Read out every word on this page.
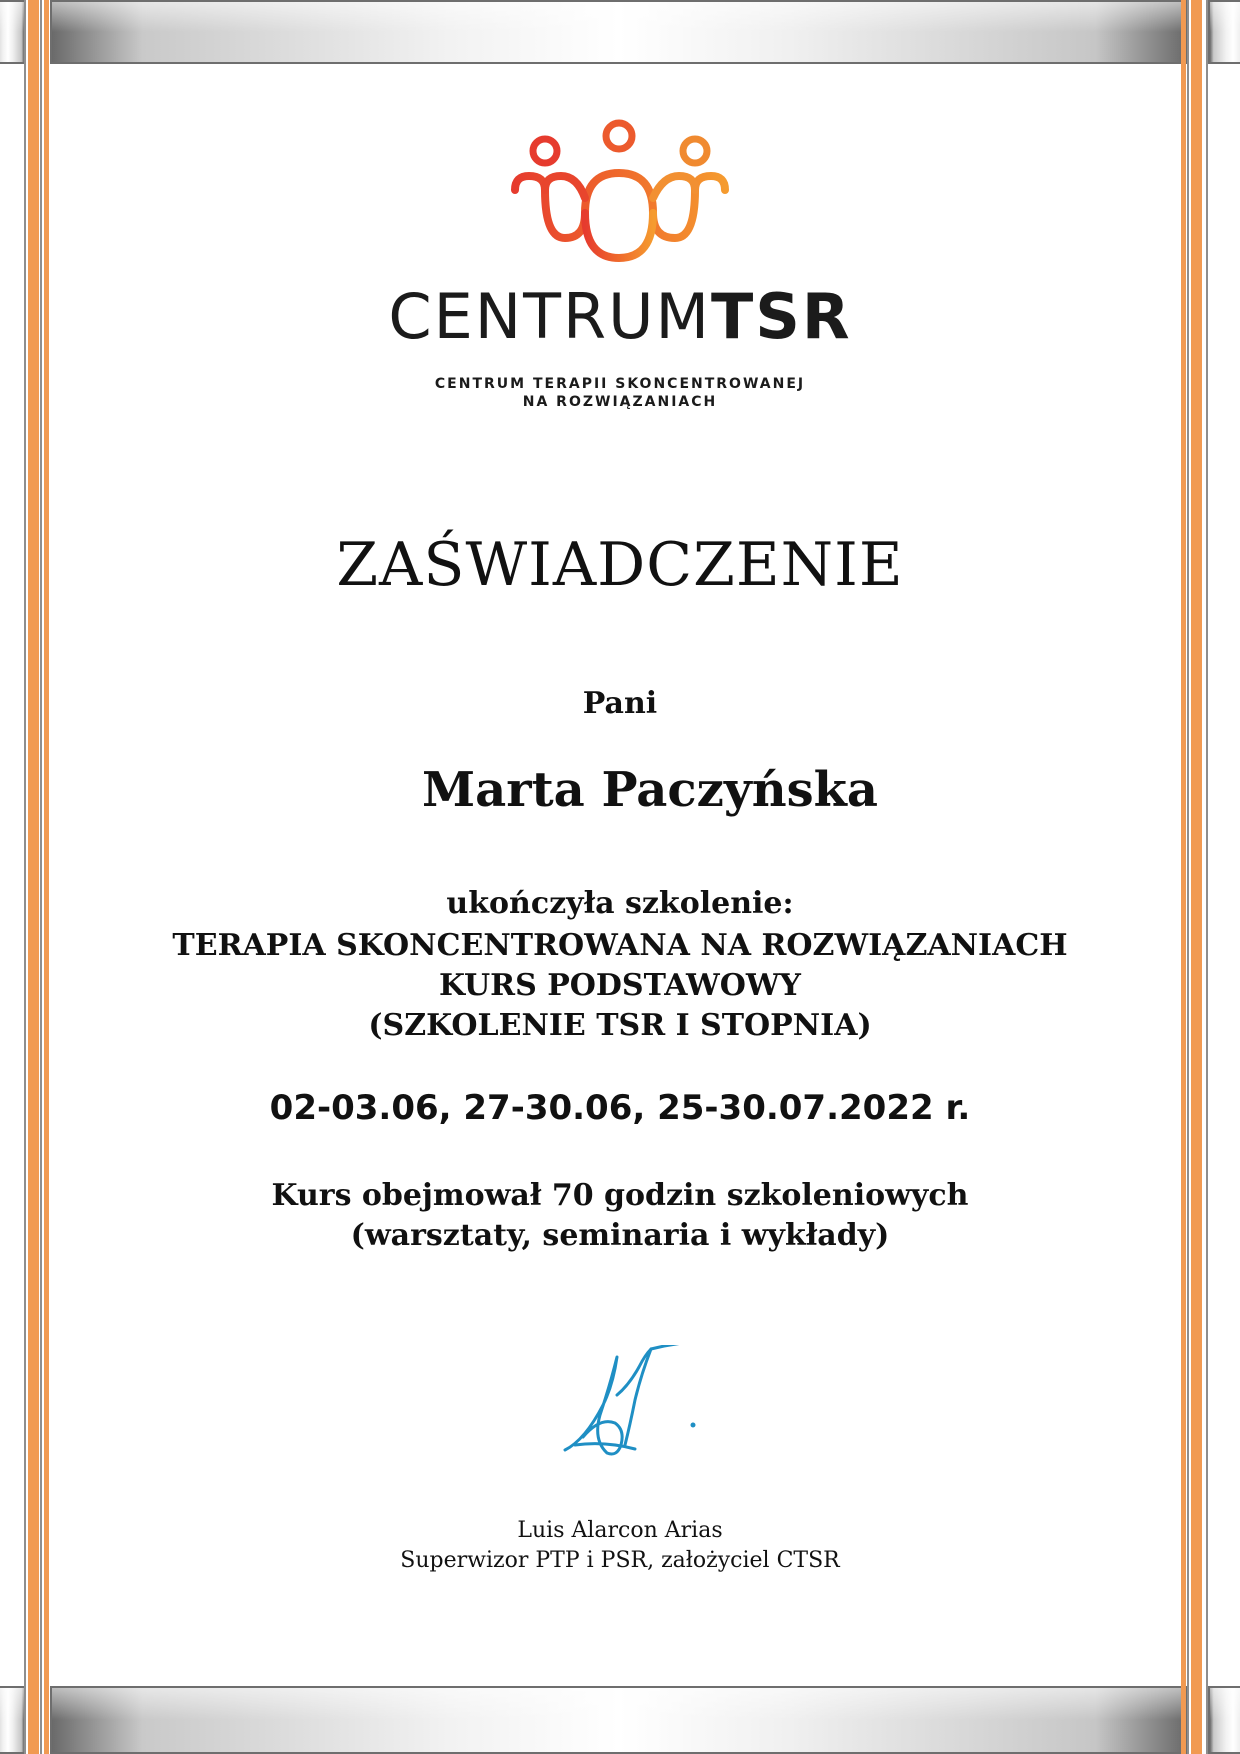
CENTRUMTSR
CENTRUM TERAPII SKONCENTROWANEJ
NA ROZWIĄZANIACH
ZAŚWIADCZENIE
Pani
Marta Paczyńska
ukończyła szkolenie:
TERAPIA SKONCENTROWANA NA ROZWIĄZANIACH
KURS PODSTAWOWY
(SZKOLENIE TSR I STOPNIA)
02-03.06, 27-30.06, 25-30.07.2022 r.
Kurs obejmował 70 godzin szkoleniowych
(warsztaty, seminaria i wykłady)
Luis Alarcon Arias
Superwizor PTP i PSR, założyciel CTSR
